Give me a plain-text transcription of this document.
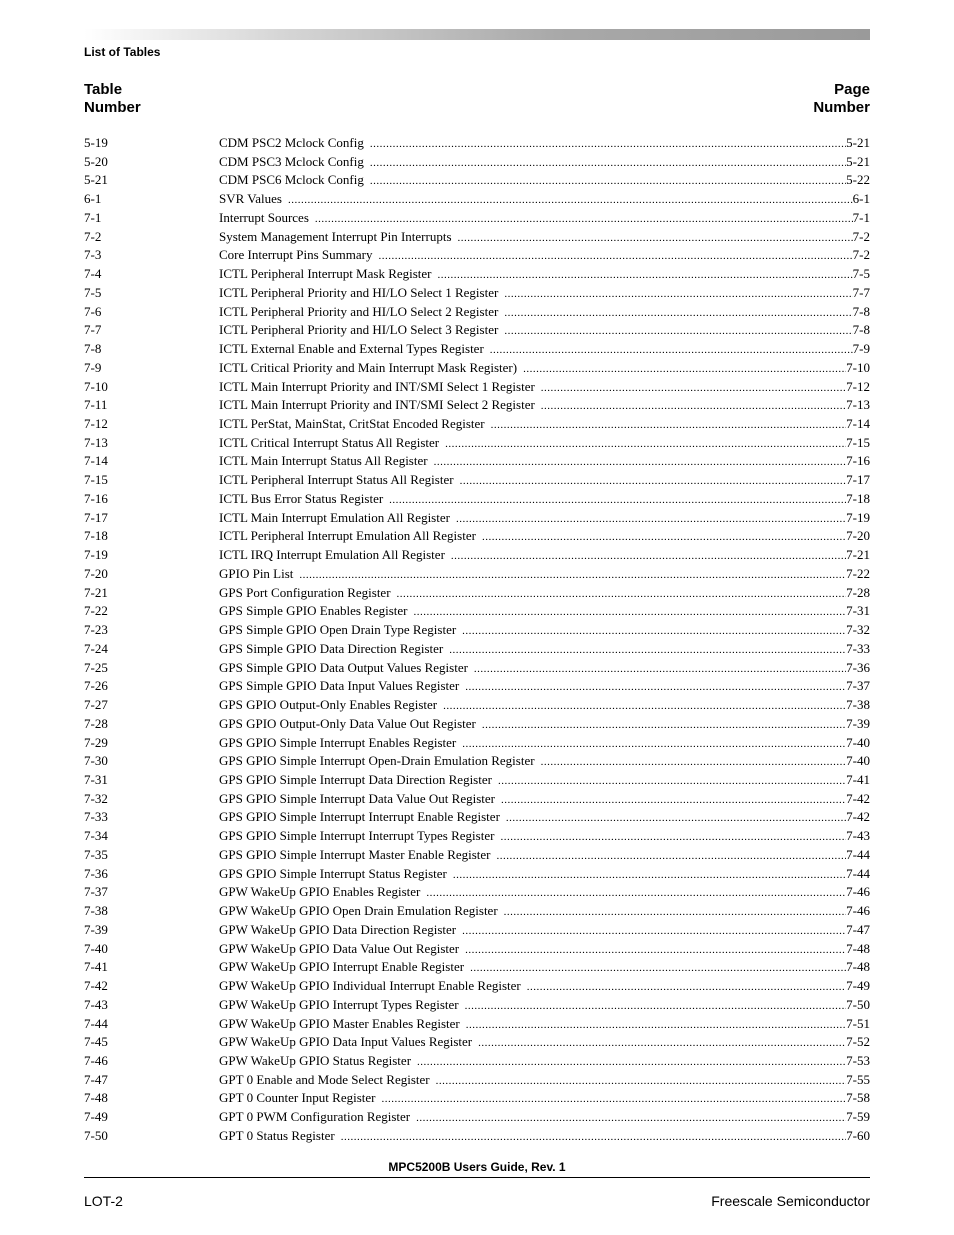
List of Tables
Table
Number
Page
Number
5-19	CDM PSC2 Mclock Config .....	5-21
5-20	CDM PSC3 Mclock Config .....	5-21
5-21	CDM PSC6 Mclock Config .....	5-22
6-1	SVR Values .....	6-1
7-1	Interrupt Sources .....	7-1
7-2	System Management Interrupt Pin Interrupts .....	7-2
7-3	Core Interrupt Pins Summary .....	7-2
7-4	ICTL Peripheral Interrupt Mask Register .....	7-5
7-5	ICTL Peripheral Priority and HI/LO Select 1 Register .....	7-7
7-6	ICTL Peripheral Priority and HI/LO Select 2 Register .....	7-8
7-7	ICTL Peripheral Priority and HI/LO Select 3 Register .....	7-8
7-8	ICTL External Enable and External Types Register .....	7-9
7-9	ICTL Critical Priority and Main Interrupt Mask Register) .....	7-10
7-10	ICTL Main Interrupt Priority and INT/SMI Select 1 Register .....	7-12
7-11	ICTL Main Interrupt Priority and INT/SMI Select 2 Register .....	7-13
7-12	ICTL PerStat, MainStat, CritStat Encoded Register .....	7-14
7-13	ICTL Critical Interrupt Status All Register .....	7-15
7-14	ICTL Main Interrupt Status All Register .....	7-16
7-15	ICTL Peripheral Interrupt Status All Register .....	7-17
7-16	ICTL Bus Error Status Register .....	7-18
7-17	ICTL Main Interrupt Emulation All Register .....	7-19
7-18	ICTL Peripheral Interrupt Emulation All Register .....	7-20
7-19	ICTL IRQ Interrupt Emulation All Register .....	7-21
7-20	GPIO Pin List .....	7-22
7-21	GPS Port Configuration Register .....	7-28
7-22	GPS Simple GPIO Enables Register .....	7-31
7-23	GPS Simple GPIO Open Drain Type Register .....	7-32
7-24	GPS Simple GPIO Data Direction Register .....	7-33
7-25	GPS Simple GPIO Data Output Values Register .....	7-36
7-26	GPS Simple GPIO Data Input Values Register .....	7-37
7-27	GPS GPIO Output-Only Enables Register .....	7-38
7-28	GPS GPIO Output-Only Data Value Out Register .....	7-39
7-29	GPS GPIO Simple Interrupt Enables Register .....	7-40
7-30	GPS GPIO Simple Interrupt Open-Drain Emulation Register .....	7-40
7-31	GPS GPIO Simple Interrupt Data Direction Register .....	7-41
7-32	GPS GPIO Simple Interrupt Data Value Out Register .....	7-42
7-33	GPS GPIO Simple Interrupt Interrupt Enable Register .....	7-42
7-34	GPS GPIO Simple Interrupt Interrupt Types Register .....	7-43
7-35	GPS GPIO Simple Interrupt Master Enable Register .....	7-44
7-36	GPS GPIO Simple Interrupt Status Register .....	7-44
7-37	GPW WakeUp GPIO Enables Register .....	7-46
7-38	GPW WakeUp GPIO Open Drain Emulation Register .....	7-46
7-39	GPW WakeUp GPIO Data Direction Register .....	7-47
7-40	GPW WakeUp GPIO Data Value Out Register .....	7-48
7-41	GPW WakeUp GPIO Interrupt Enable Register .....	7-48
7-42	GPW WakeUp GPIO Individual Interrupt Enable Register .....	7-49
7-43	GPW WakeUp GPIO Interrupt Types Register .....	7-50
7-44	GPW WakeUp GPIO Master Enables Register .....	7-51
7-45	GPW WakeUp GPIO Data Input Values Register .....	7-52
7-46	GPW WakeUp GPIO Status Register .....	7-53
7-47	GPT 0 Enable and Mode Select Register .....	7-55
7-48	GPT 0 Counter Input Register .....	7-58
7-49	GPT 0 PWM Configuration Register .....	7-59
7-50	GPT 0 Status Register .....	7-60
MPC5200B Users Guide, Rev. 1
LOT-2	Freescale Semiconductor
